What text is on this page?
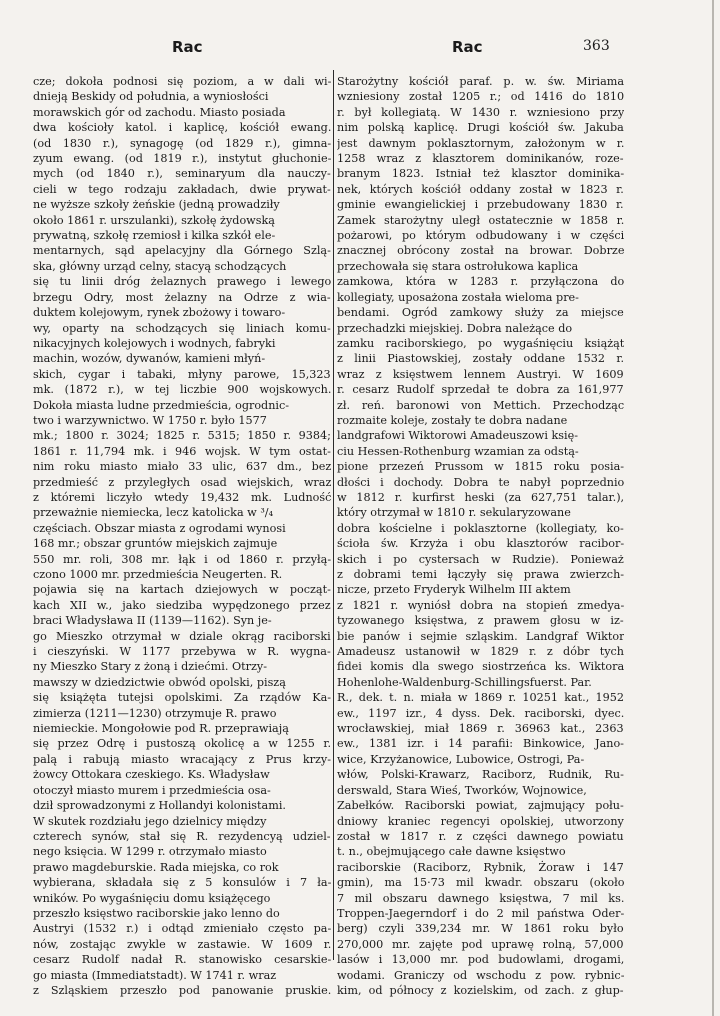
Rac	Rac	363
cze; dokoła podnosi się poziom, a w dali wi-
dnieją Beskidy od południa, a wyniosłości
morawskich gór od zachodu. Miasto posiada
dwa kościoły katol. i kaplicę, kościół ewang.
(od 1830 r.), synagogę (od 1829 r.), gimna-
zyum ewang. (od 1819 r.), instytut głuchonie-
mych (od 1840 r.), seminaryum dla nauczy-
cieli w tego rodzaju zakładach, dwie prywat-
ne wyższe szkoły żeńskie (jedną prowadziły
około 1861 r. urszulanki), szkołę żydowską
prywatną, szkołę rzemiosł i kilka szkół ele-
mentarnych, sąd apelacyjny dla Górnego Szlą-
ska, główny urząd celny, stacyą schodzących
się tu linii dróg żelaznych prawego i lewego
brzegu Odry, most żelazny na Odrze z wia-
duktem kolejowym, rynek zbożowy i towaro-
wy, oparty na schodzących się liniach komu-
nikacyjnych kolejowych i wodnych, fabryki
machin, wozów, dywanów, kamieni młyń-
skich, cygar i tabaki, młyny parowe, 15,323
mk. (1872 r.), w tej liczbie 900 wojskowych.
Dokoła miasta ludne przedmieścia, ogrodnic-
two i warzywnictwo. W 1750 r. było 1577
mk.; 1800 r. 3024; 1825 r. 5315; 1850 r. 9384;
1861 r. 11,794 mk. i 946 wojsk. W tym ostat-
nim roku miasto miało 33 ulic, 637 dm., bez
przedmieść z przyległych osad wiejskich, wraz
z któremi liczyło wtedy 19,432 mk. Ludność
przeważnie niemiecka, lecz katolicka w ³/₄
częściach. Obszar miasta z ogrodami wynosi
168 mr.; obszar gruntów miejskich zajmuje
550 mr. roli, 308 mr. łąk i od 1860 r. przyłą-
czono 1000 mr. przedmieścia Neugerten. R.
pojawia się na kartach dziejowych w począt-
kach XII w., jako siedziba wypędzonego przez
braci Władysława II (1139—1162). Syn je-
go Mieszko otrzymał w dziale okrąg raciborski
i cieszyński. W 1177 przebywa w R. wygna-
ny Mieszko Stary z żoną i dziećmi. Otrzy-
mawszy w dziedzictwie obwód opolski, piszą
się książęta tutejsi opolskimi. Za rządów Ka-
zimierza (1211—1230) otrzymuje R. prawo
niemieckie. Mongołowie pod R. przeprawiają
się przez Odrę i pustoszą okolicę a w 1255 r.
palą i rabują miasto wracający z Prus krzy-
żowcy Ottokara czeskiego. Ks. Władysław
otoczył miasto murem i przedmieścia osa-
dził sprowadzonymi z Hollandyi kolonistami.
W skutek rozdziału jego dzielnicy między
czterech synów, stał się R. rezydencyą udziel-
nego księcia. W 1299 r. otrzymało miasto
prawo magdeburskie. Rada miejska, co rok
wybierana, składała się z 5 konsulów i 7 ła-
wników. Po wygaśnięciu domu książęcego
przeszło księstwo raciborskie jako lenno do
Austryi (1532 r.) i odtąd zmieniało często pa-
nów, zostając zwykle w zastawie. W 1609 r.
cesarz Rudolf nadał R. stanowisko cesarskie-
go miasta (Immediatstadt). W 1741 r. wraz
z Szląskiem przeszło pod panowanie pruskie.
Starożytny kościół paraf. p. w. św. Miriama
wzniesiony został 1205 r.; od 1416 do 1810
r. był kollegiatą. W 1430 r. wzniesiono przy
nim polską kaplicę. Drugi kościół św. Jakuba
jest dawnym poklasztornym, założonym w r.
1258 wraz z klasztorem dominikanów, roze-
branym 1823. Istniał też klasztor dominika-
nek, których kościół oddany został w 1823 r.
gminie ewangielickiej i przebudowany 1830 r.
Zamek starożytny uległ ostatecznie w 1858 r.
pożarowi, po którym odbudowany i w części
znacznej obrócony został na browar. Dobrze
przechowała się stara ostrołukowa kaplica
zamkowa, która w 1283 r. przyłączona do
kollegiaty, uposażona została wieloma pre-
bendami. Ogród zamkowy służy za miejsce
przechadzki miejskiej. Dobra należące do
zamku raciborskiego, po wygaśnięciu książąt
z linii Piastowskiej, zostały oddane 1532 r.
wraz z księstwem lennem Austryi. W 1609
r. cesarz Rudolf sprzedał te dobra za 161,977
zł. reń. baronowi von Mettich. Przechodząc
rozmaite koleje, zostały te dobra nadane
landgrafowi Wiktorowi Amadeuszowi księ-
ciu Hessen-Rothenburg wzamian za odstą-
pione przezeń Prussom w 1815 roku posia-
dłości i dochody. Dobra te nabył poprzednio
w 1812 r. kurfirst heski (za 627,751 talar.),
który otrzymał w 1810 r. sekularyzowane
dobra kościelne i poklasztorne (kollegiaty, ko-
ścioła św. Krzyża i obu klasztorów racibor-
skich i po cystersach w Rudzie). Ponieważ
z dobrami temi łączyły się prawa zwierzch-
nicze, przeto Fryderyk Wilhelm III aktem
z 1821 r. wyniósł dobra na stopień zmedya-
tyzowanego księstwa, z prawem głosu w iz-
bie panów i sejmie szląskim. Landgraf Wiktor
Amadeusz ustanowił w 1829 r. z dóbr tych
fidei komis dla swego siostrzeńca ks. Wiktora
Hohenlohe-Waldenburg-Schillingsfuerst. Par.
R., dek. t. n. miała w 1869 r. 10251 kat., 1952
ew., 1197 izr., 4 dyss. Dek. raciborski, dyec.
wrocławskiej, miał 1869 r. 36963 kat., 2363
ew., 1381 izr. i 14 parafii: Binkowice, Jano-
wice, Krzyżanowice, Lubowice, Ostrogi, Pa-
włów, Polski-Krawarz, Raciborz, Rudnik, Ru-
derswald, Stara Wieś, Tworków, Wojnowice,
Zabełków. Raciborski powiat, zajmujący połu-
dniowy kraniec regencyi opolskiej, utworzony
został w 1817 r. z części dawnego powiatu
t. n., obejmującego całe dawne księstwo
raciborskie (Raciborz, Rybnik, Żoraw i 147
gmin), ma 15·73 mil kwadr. obszaru (około
7 mil obszaru dawnego księstwa, 7 mil ks.
Troppen-Jaegerndorf i do 2 mil państwa Oder-
berg) czyli 339,234 mr. W 1861 roku było
270,000 mr. zajęte pod uprawę rolną, 57,000
lasów i 13,000 mr. pod budowlami, drogami,
wodami. Graniczy od wschodu z pow. rybnic-
kim, od północy z kozielskim, od zach. z głup-
